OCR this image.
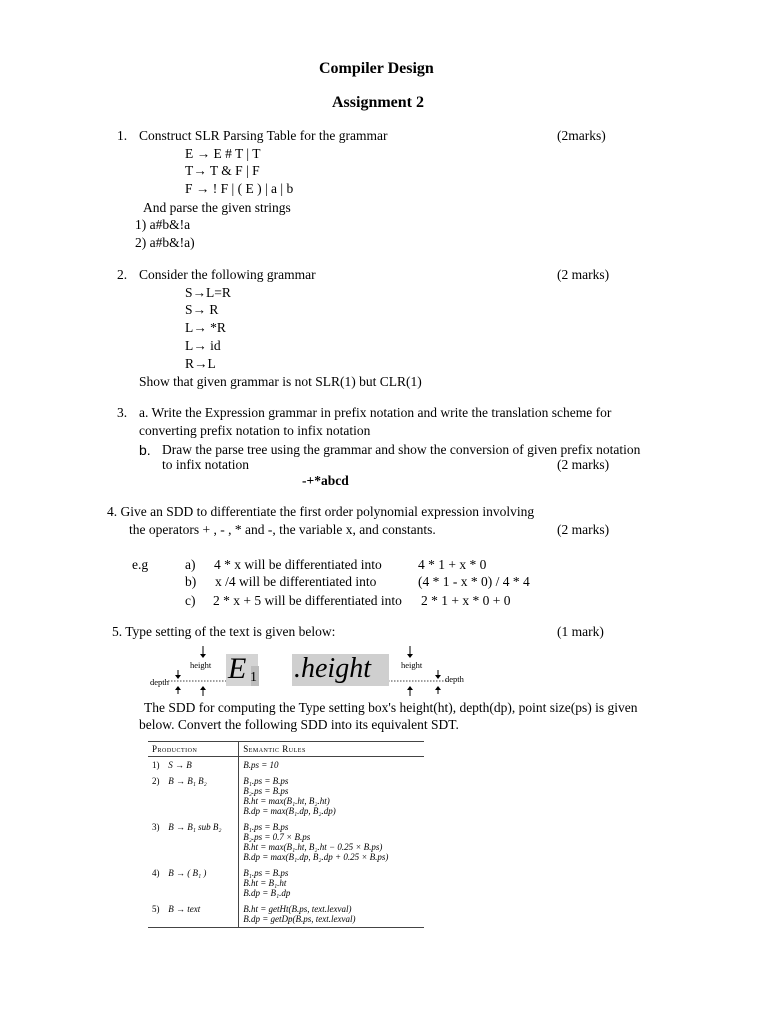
Compiler Design
Assignment 2
1. Construct SLR Parsing Table for the grammar	(2marks)
E → E # T | T
T→ T & F | F
F → ! F | ( E ) | a | b
And parse the given strings
1) a#b&!a
2) a#b&!a)
2. Consider the following grammar	(2 marks)
S→L=R
S→ R
L→ *R
L→ id
R→L
Show that given grammar is not SLR(1) but CLR(1)
3. a. Write the Expression grammar in prefix notation and write the translation scheme for
converting prefix notation to infix notation
b. Draw the parse tree using the grammar and show the conversion of given prefix notation
to infix notation	(2 marks)
-+*abcd
4. Give an SDD to differentiate the first order polynomial expression involving
the operators + , - , * and -, the variable x, and constants.	(2 marks)
e.g	a) 4 * x will be differentiated into	4 * 1 + x * 0
b) x /4 will be differentiated into	(4 * 1 - x * 0) / 4 * 4
c) 2 * x + 5 will be differentiated into 2 * 1 + x * 0 + 0
5. Type setting of the text is given below:	(1 mark)
height
depth E 1 .height	height
depth
The SDD for computing the Type setting box's height(ht), depth(dp), point size(ps) is given
below. Convert the following SDD into its equivalent SDT.
Production		Semantic Rules
1)	S → B	B.ps = 10

2)	B → B₁ B₂	B₁.ps = B.ps
B₂.ps = B.ps
B.ht = max(B₁.ht, B₂.ht)
B.dp = max(B₁.dp, B₂.dp)

3)	B → B₁ sub B₂	B₁.ps = B.ps
B₂.ps = 0.7 × B.ps
B.ht = max(B₁.ht, B₂.ht − 0.25 × B.ps)
B.dp = max(B₁.dp, B₂.dp + 0.25 × B.ps)

4)	B → ( B₁ )	B₁.ps = B.ps
B.ht = B₁.ht
B.dp = B₁.dp

5)	B → text	B.ht = getHt(B.ps, text.lexval)
B.dp = getDp(B.ps, text.lexval)
